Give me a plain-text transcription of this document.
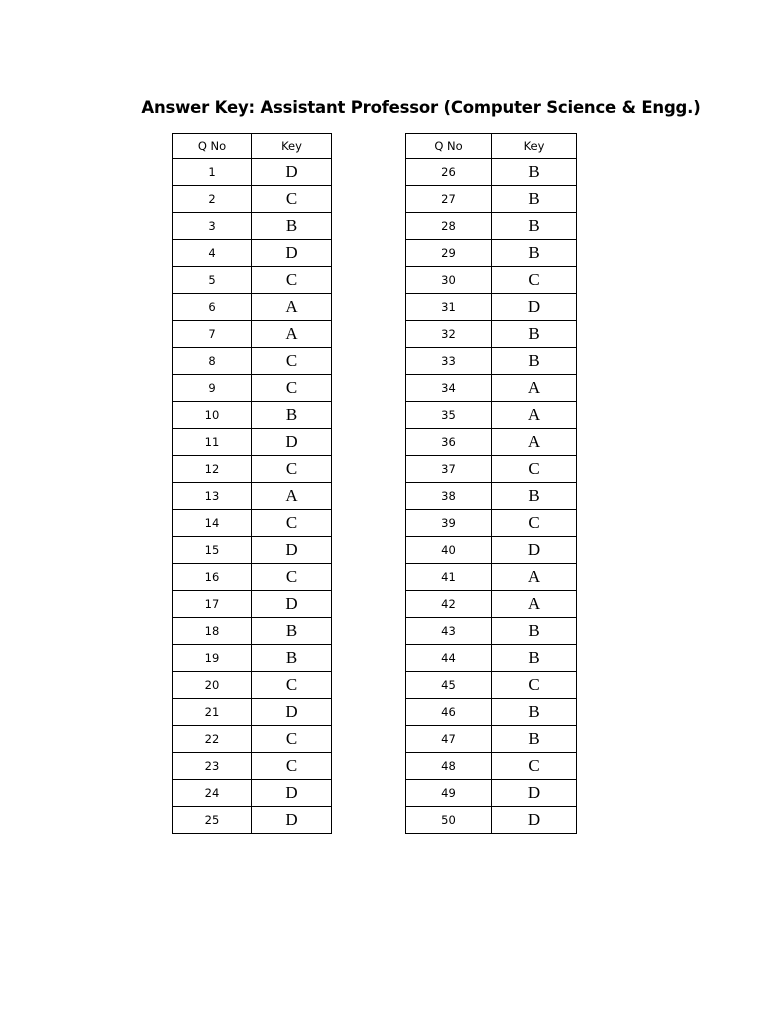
Answer Key: Assistant Professor (Computer Science & Engg.)
Q No	Key
1	D
2	C
3	B
4	D
5	C
6	A
7	A
8	C
9	C
10	B
11	D
12	C
13	A
14	C
15	D
16	C
17	D
18	B
19	B
20	C
21	D
22	C
23	C
24	D
25	D
Q No	Key
26	B
27	B
28	B
29	B
30	C
31	D
32	B
33	B
34	A
35	A
36	A
37	C
38	B
39	C
40	D
41	A
42	A
43	B
44	B
45	C
46	B
47	B
48	C
49	D
50	D
